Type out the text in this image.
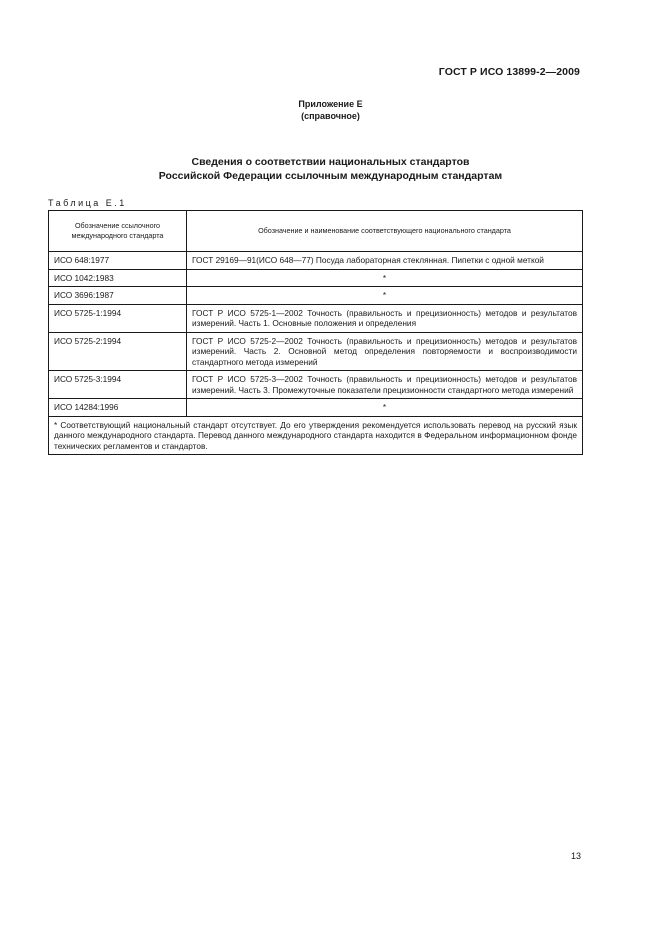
ГОСТ Р ИСО 13899-2—2009
Приложение Е
(справочное)
Сведения о соответствии национальных стандартов
Российской Федерации ссылочным международным стандартам
Таблица Е.1
Обозначение ссылочного международного стандарта	Обозначение и наименование соответствующего национального стандарта
ИСО 648:1977	ГОСТ 29169—91(ИСО 648—77) Посуда лабораторная стеклянная. Пипетки с одной меткой
ИСО 1042:1983	*
ИСО 3696:1987	*
ИСО 5725-1:1994	ГОСТ Р ИСО 5725-1—2002 Точность (правильность и прецизионность) методов и результатов измерений. Часть 1. Основные положения и определения
ИСО 5725-2:1994	ГОСТ Р ИСО 5725-2—2002 Точность (правильность и прецизионность) методов и результатов измерений. Часть 2. Основной метод определения повторяемости и воспроизводимости стандартного метода измерений
ИСО 5725-3:1994	ГОСТ Р ИСО 5725-3—2002 Точность (правильность и прецизионность) методов и результатов измерений. Часть 3. Промежуточные показатели прецизионности стандартного метода измерений
ИСО 14284:1996	*
* Соответствующий национальный стандарт отсутствует. До его утверждения рекомендуется использовать перевод на русский язык данного международного стандарта. Перевод данного международного стандарта находится в Федеральном информационном фонде технических регламентов и стандартов.	
13
